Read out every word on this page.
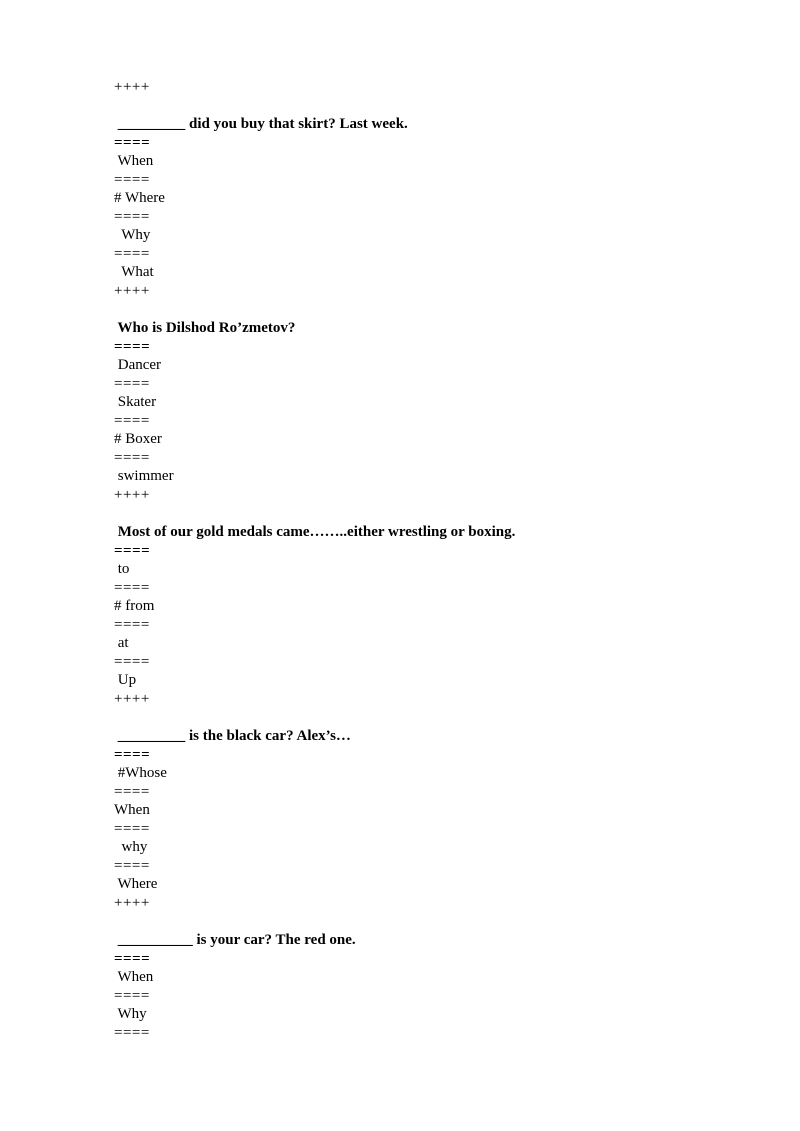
++++
_________ did you buy that skirt? Last week.
====
When
====
# Where
====
Why
====
What
++++
Who is Dilshod Ro’zmetov?
====
Dancer
====
Skater
====
# Boxer
====
swimmer
++++
Most of our gold medals came……..either wrestling or boxing.
====
to
====
# from
====
at
====
Up
++++
_________ is the black car? Alex’s…
====
#Whose
====
When
====
why
====
Where
++++
__________ is your car? The red one.
====
When
====
Why
====
